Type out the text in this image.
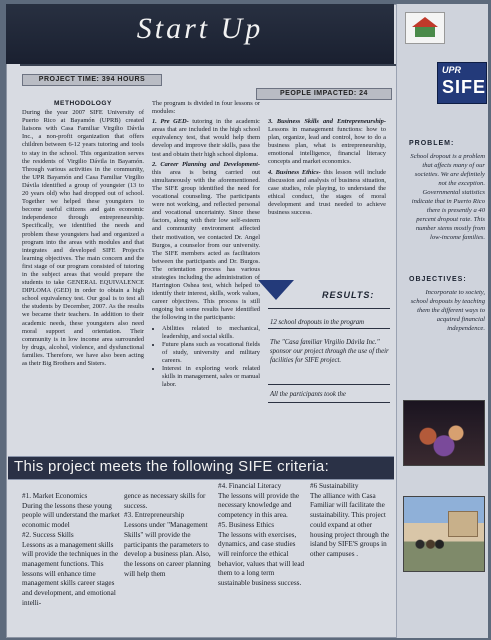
Start Up
PROJECT TIME: 394 HOURS
PEOPLE IMPACTED: 24
METHODOLOGY

During the year 2007 SIFE University of Puerto Rico at Bayamón (UPRB) created liaisons with Casa Familiar Virgilio Dávila Inc., a non-profit organization that offers children between 6-12 years tutoring and tools to stay in the school. This organization serves the residents of Virgilio Dávila in Bayamón. Through various activities in the community, the UPR Bayamón and Casa Familiar Virgilio Dávila identified a group of youngster (13 to 20 years old) who had dropped out of school. Together we helped these youngsters to become useful citizens and gain economic independence through entrepreneurship. Specifically, we identified the needs and problem these youngsters had and organized a program into the areas with modules and that integrates and developed SIFE Project's learning objectives. The main concern and the first stage of our program consisted of tutoring in the subject areas that would prepare the students to take GENERAL EQUIVALENCE DIPLOMA (GED) in order to obtain a high school equivalency test. Our goal is to test all the students by December, 2007. As the results we became their teachers. In addition to their academic needs, these youngsters also need moral support and orientation. Their community is in low income area surrounded by drugs, alcohol, violence, and dysfunctional families. Therefore, we have also been acting as their Big Brothers and Sisters.

The program is divided in four lessons or modules:

1. Pre GED- tutoring in the academic areas that are included in the high school equivalency test, that would help them develop and improve their skills, pass the test and obtain their high school diploma.

2. Career Planning and Development- this area is being carried out simultaneously with the aforementioned. The SIFE group identified the need for vocational counseling. The participants were not working, and reflected personal and vocational uncertainty. Since these factors, along with their low self-esteem and community environment affected their motivation, we contacted Dr. Angel Burgos, a counselor from our university. The SIFE members acted as facilitators between the participants and Dr. Burgos. The orientation process has various strategies including the administration of Harrington Oshea test, which helped to identify their interest, skills, work values, career objectives. This process is still ongoing but some results have identified the following in the participants:

• Abilities related to mechanical, leadership, and social skills.
• Future plans such as vocational fields of study, university and military careers.
• Interest in exploring work related skills in management, sales or manual labor.

3. Business Skills and Entrepreneurship- Lessons in management functions: how to plan, organize, lead and control, how to do a business plan, what is entrepreneurship, emotional intelligence, financial literacy concepts and market economics.

4. Business Ethics- this lesson will include discussion and analysis of business situation, case studies, role playing, to understand the ethical conduct, the stages of moral development and trust needed to achieve business success.

RESULTS:
12 school dropouts in the program
The "Casa familiar Virgilio Dávila Inc." sponsor our project through the use of their facilities for SIFE project.
All the participants took the
UPR
SIFE
PROBLEM:
School dropout is a problem that affects many of our societies. We are definitely not the exception. Governmental statistics indicate that in Puerto Rico there is presently a 40 percent dropout rate. This number stems mostly from low-income families.
OBJECTIVES:
Incorporate to society, school dropouts by teaching them the different ways to acquired financial independence.
This project meets the following SIFE criteria:

#1. Market Economics

During the lessons these young people will understand the market economic model

#2. Success Skills

Lessons as a management skills will provide the techniques in the management functions. This lessons will enhance time management skills career stages and development, and emotional intelli-

gence as necessary skills for success.

#3. Entrepreneurship

Lessons under "Management Skills" will provide the participants the parameters to develop a business plan. Also, the lessons on career planning will help them

#4. Financial Literacy

The lessons will provide the necessary knowledge and competency in this area.

#5. Business Ethics

The lessons with exercises, dynamics, and case studies will reinforce the ethical behavior, values that will lead them to a long term sustainable business success.

#6 Sustainability

The alliance with Casa Familiar will facilitate the sustainability. This project could expand at other housing project through the island by SIFE'S groups in other campuses .
